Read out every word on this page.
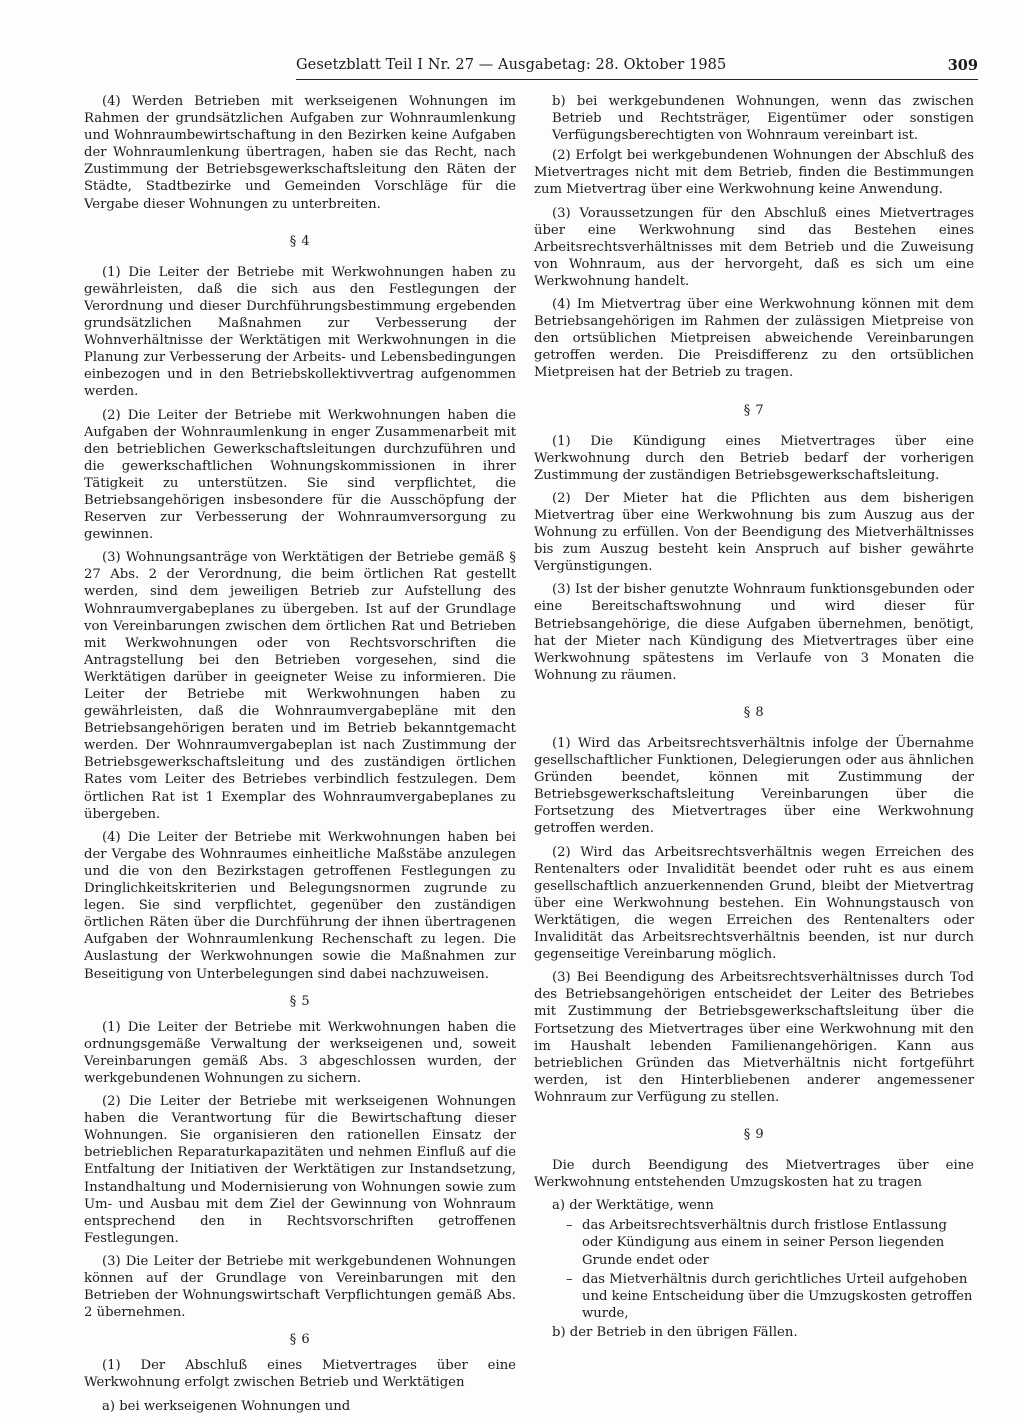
Gesetzblatt Teil I Nr. 27 — Ausgabetag: 28. Oktober 1985	309

(4) Werden Betrieben mit werkseigenen Wohnungen im Rahmen der grundsätzlichen Aufgaben zur Wohnraumlenkung und Wohnraumbewirtschaftung in den Bezirken keine Aufgaben der Wohnraumlenkung übertragen, haben sie das Recht, nach Zustimmung der Betriebsgewerkschaftsleitung den Räten der Städte, Stadtbezirke und Gemeinden Vorschläge für die Vergabe dieser Wohnungen zu unterbreiten.

§ 4

(1) Die Leiter der Betriebe mit Werkwohnungen haben zu gewährleisten, daß die sich aus den Festlegungen der Verordnung und dieser Durchführungsbestimmung ergebenden grundsätzlichen Maßnahmen zur Verbesserung der Wohnverhältnisse der Werktätigen mit Werkwohnungen in die Planung zur Verbesserung der Arbeits- und Lebensbedingungen einbezogen und in den Betriebskollektivvertrag aufgenommen werden.

(2) Die Leiter der Betriebe mit Werkwohnungen haben die Aufgaben der Wohnraumlenkung in enger Zusammenarbeit mit den betrieblichen Gewerkschaftsleitungen durchzuführen und die gewerkschaftlichen Wohnungskommissionen in ihrer Tätigkeit zu unterstützen. Sie sind verpflichtet, die Betriebsangehörigen insbesondere für die Ausschöpfung der Reserven zur Verbesserung der Wohnraumversorgung zu gewinnen.

(3) Wohnungsanträge von Werktätigen der Betriebe gemäß § 27 Abs. 2 der Verordnung, die beim örtlichen Rat gestellt werden, sind dem jeweiligen Betrieb zur Aufstellung des Wohnraumvergabeplanes zu übergeben. Ist auf der Grundlage von Vereinbarungen zwischen dem örtlichen Rat und Betrieben mit Werkwohnungen oder von Rechtsvorschriften die Antragstellung bei den Betrieben vorgesehen, sind die Werktätigen darüber in geeigneter Weise zu informieren. Die Leiter der Betriebe mit Werkwohnungen haben zu gewährleisten, daß die Wohnraumvergabepläne mit den Betriebsangehörigen beraten und im Betrieb bekanntgemacht werden. Der Wohnraumvergabeplan ist nach Zustimmung der Betriebsgewerkschaftsleitung und des zuständigen örtlichen Rates vom Leiter des Betriebes verbindlich festzulegen. Dem örtlichen Rat ist 1 Exemplar des Wohnraumvergabeplanes zu übergeben.

(4) Die Leiter der Betriebe mit Werkwohnungen haben bei der Vergabe des Wohnraumes einheitliche Maßstäbe anzulegen und die von den Bezirkstagen getroffenen Festlegungen zu Dringlichkeitskriterien und Belegungsnormen zugrunde zu legen. Sie sind verpflichtet, gegenüber den zuständigen örtlichen Räten über die Durchführung der ihnen übertragenen Aufgaben der Wohnraumlenkung Rechenschaft zu legen. Die Auslastung der Werkwohnungen sowie die Maßnahmen zur Beseitigung von Unterbelegungen sind dabei nachzuweisen.

§ 5

(1) Die Leiter der Betriebe mit Werkwohnungen haben die ordnungsgemäße Verwaltung der werkseigenen und, soweit Vereinbarungen gemäß Abs. 3 abgeschlossen wurden, der werkgebundenen Wohnungen zu sichern.

(2) Die Leiter der Betriebe mit werkseigenen Wohnungen haben die Verantwortung für die Bewirtschaftung dieser Wohnungen. Sie organisieren den rationellen Einsatz der betrieblichen Reparaturkapazitäten und nehmen Einfluß auf die Entfaltung der Initiativen der Werktätigen zur Instandsetzung, Instandhaltung und Modernisierung von Wohnungen sowie zum Um- und Ausbau mit dem Ziel der Gewinnung von Wohnraum entsprechend den in Rechtsvorschriften getroffenen Festlegungen.

(3) Die Leiter der Betriebe mit werkgebundenen Wohnungen können auf der Grundlage von Vereinbarungen mit den Betrieben der Wohnungswirtschaft Verpflichtungen gemäß Abs. 2 übernehmen.

§ 6

(1) Der Abschluß eines Mietvertrages über eine Werkwohnung erfolgt zwischen Betrieb und Werktätigen

a) bei werkseigenen Wohnungen und

b) bei werkgebundenen Wohnungen, wenn das zwischen Betrieb und Rechtsträger, Eigentümer oder sonstigen Verfügungsberechtigten von Wohnraum vereinbart ist.

(2) Erfolgt bei werkgebundenen Wohnungen der Abschluß des Mietvertrages nicht mit dem Betrieb, finden die Bestimmungen zum Mietvertrag über eine Werkwohnung keine Anwendung.

(3) Voraussetzungen für den Abschluß eines Mietvertrages über eine Werkwohnung sind das Bestehen eines Arbeitsrechtsverhältnisses mit dem Betrieb und die Zuweisung von Wohnraum, aus der hervorgeht, daß es sich um eine Werkwohnung handelt.

(4) Im Mietvertrag über eine Werkwohnung können mit dem Betriebsangehörigen im Rahmen der zulässigen Mietpreise von den ortsüblichen Mietpreisen abweichende Vereinbarungen getroffen werden. Die Preisdifferenz zu den ortsüblichen Mietpreisen hat der Betrieb zu tragen.

§ 7

(1) Die Kündigung eines Mietvertrages über eine Werkwohnung durch den Betrieb bedarf der vorherigen Zustimmung der zuständigen Betriebsgewerkschaftsleitung.

(2) Der Mieter hat die Pflichten aus dem bisherigen Mietvertrag über eine Werkwohnung bis zum Auszug aus der Wohnung zu erfüllen. Von der Beendigung des Mietverhältnisses bis zum Auszug besteht kein Anspruch auf bisher gewährte Vergünstigungen.

(3) Ist der bisher genutzte Wohnraum funktionsgebunden oder eine Bereitschaftswohnung und wird dieser für Betriebsangehörige, die diese Aufgaben übernehmen, benötigt, hat der Mieter nach Kündigung des Mietvertrages über eine Werkwohnung spätestens im Verlaufe von 3 Monaten die Wohnung zu räumen.

§ 8

(1) Wird das Arbeitsrechtsverhältnis infolge der Übernahme gesellschaftlicher Funktionen, Delegierungen oder aus ähnlichen Gründen beendet, können mit Zustimmung der Betriebsgewerkschaftsleitung Vereinbarungen über die Fortsetzung des Mietvertrages über eine Werkwohnung getroffen werden.

(2) Wird das Arbeitsrechtsverhältnis wegen Erreichen des Rentenalters oder Invalidität beendet oder ruht es aus einem gesellschaftlich anzuerkennenden Grund, bleibt der Mietvertrag über eine Werkwohnung bestehen. Ein Wohnungstausch von Werktätigen, die wegen Erreichen des Rentenalters oder Invalidität das Arbeitsrechtsverhältnis beenden, ist nur durch gegenseitige Vereinbarung möglich.

(3) Bei Beendigung des Arbeitsrechtsverhältnisses durch Tod des Betriebsangehörigen entscheidet der Leiter des Betriebes mit Zustimmung der Betriebsgewerkschaftsleitung über die Fortsetzung des Mietvertrages über eine Werkwohnung mit den im Haushalt lebenden Familienangehörigen. Kann aus betrieblichen Gründen das Mietverhältnis nicht fortgeführt werden, ist den Hinterbliebenen anderer angemessener Wohnraum zur Verfügung zu stellen.

§ 9

Die durch Beendigung des Mietvertrages über eine Werkwohnung entstehenden Umzugskosten hat zu tragen

a) der Werktätige, wenn

– das Arbeitsrechtsverhältnis durch fristlose Entlassung oder Kündigung aus einem in seiner Person liegenden Grunde endet oder

– das Mietverhältnis durch gerichtliches Urteil aufgehoben und keine Entscheidung über die Umzugskosten getroffen wurde,

b) der Betrieb in den übrigen Fällen.
